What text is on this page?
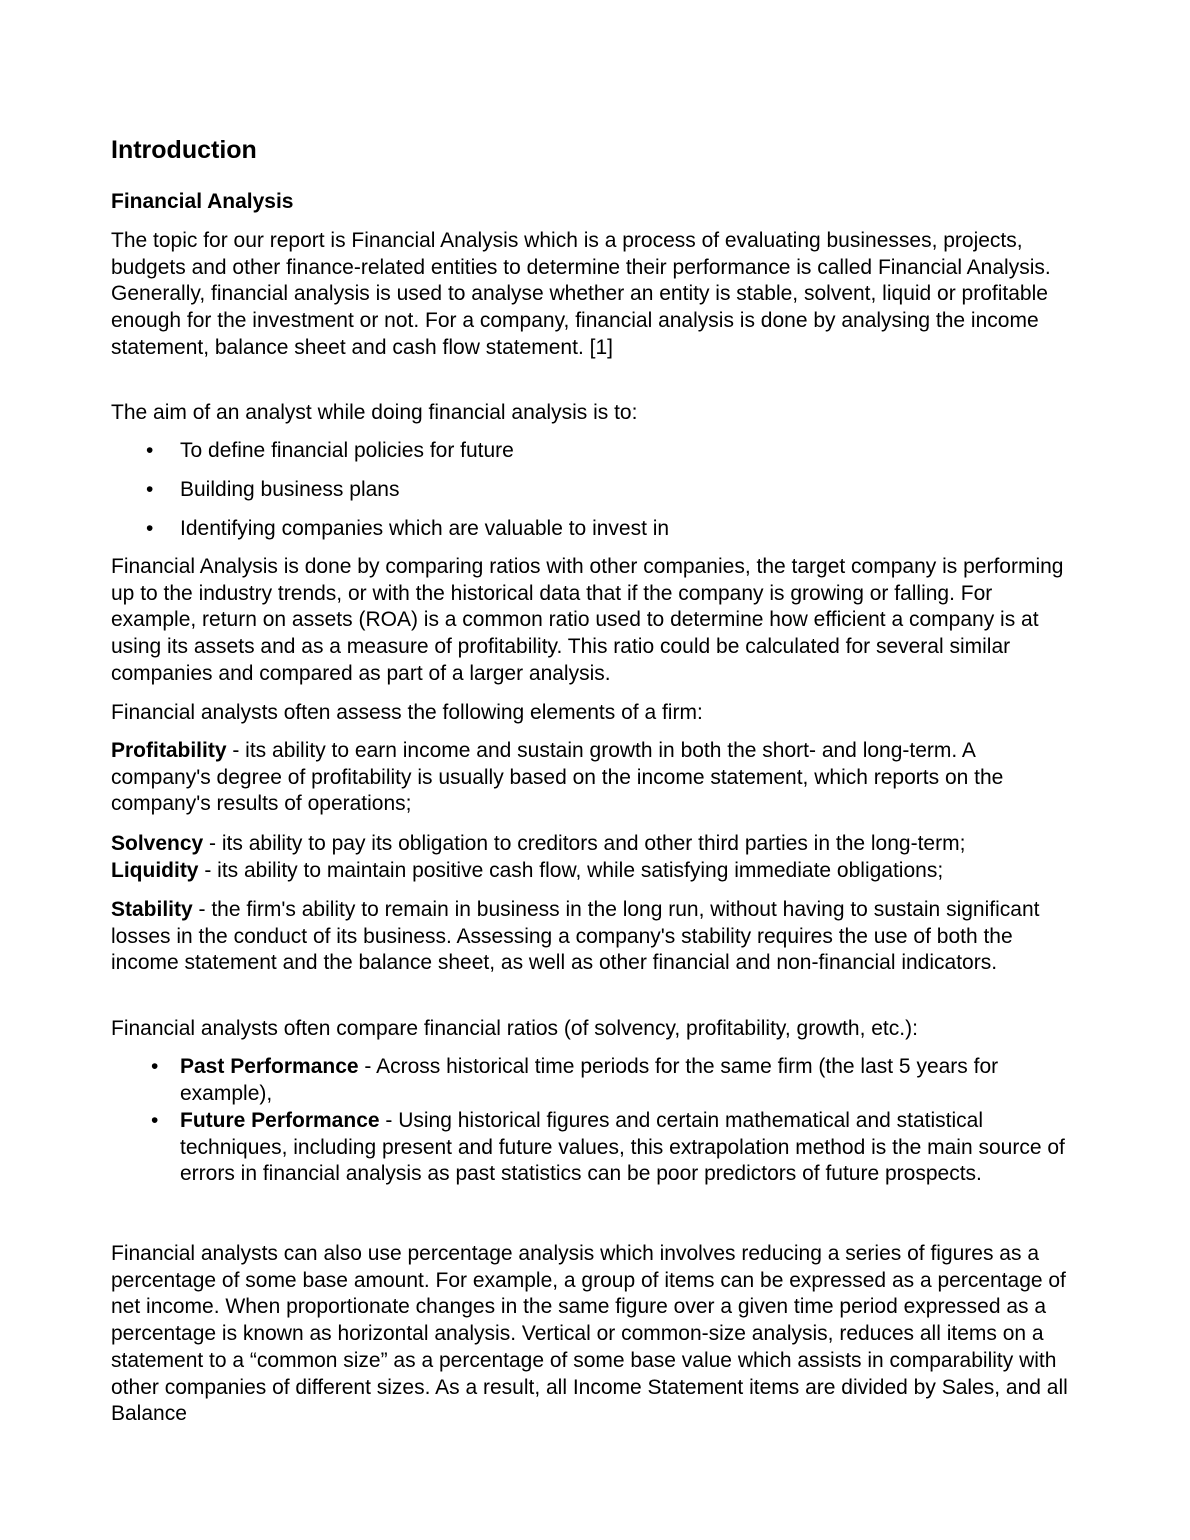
Introduction
Financial Analysis

The topic for our report is Financial Analysis which is a process of evaluating businesses, projects, budgets and other finance-related entities to determine their performance is called Financial Analysis. Generally, financial analysis is used to analyse whether an entity is stable, solvent, liquid or profitable enough for the investment or not. For a company, financial analysis is done by analysing the income statement, balance sheet and cash flow statement. [1]

The aim of an analyst while doing financial analysis is to:

•	To define financial policies for future
•	Building business plans
•	Identifying companies which are valuable to invest in

Financial Analysis is done by comparing ratios with other companies, the target company is performing up to the industry trends, or with the historical data that if the company is growing or falling. For example, return on assets (ROA) is a common ratio used to determine how efficient a company is at using its assets and as a measure of profitability. This ratio could be calculated for several similar companies and compared as part of a larger analysis.

Financial analysts often assess the following elements of a firm:

Profitability - its ability to earn income and sustain growth in both the short- and long-term. A company's degree of profitability is usually based on the income statement, which reports on the company's results of operations;

Solvency - its ability to pay its obligation to creditors and other third parties in the long-term;
Liquidity - its ability to maintain positive cash flow, while satisfying immediate obligations;

Stability - the firm's ability to remain in business in the long run, without having to sustain significant losses in the conduct of its business. Assessing a company's stability requires the use of both the income statement and the balance sheet, as well as other financial and non-financial indicators.

Financial analysts often compare financial ratios (of solvency, profitability, growth, etc.):

• Past Performance - Across historical time periods for the same firm (the last 5 years for example),
• Future Performance - Using historical figures and certain mathematical and statistical techniques, including present and future values, this extrapolation method is the main source of errors in financial analysis as past statistics can be poor predictors of future prospects.

Financial analysts can also use percentage analysis which involves reducing a series of figures as a percentage of some base amount. For example, a group of items can be expressed as a percentage of net income. When proportionate changes in the same figure over a given time period expressed as a percentage is known as horizontal analysis. Vertical or common-size analysis, reduces all items on a statement to a “common size” as a percentage of some base value which assists in comparability with other companies of different sizes. As a result, all Income Statement items are divided by Sales, and all Balance
